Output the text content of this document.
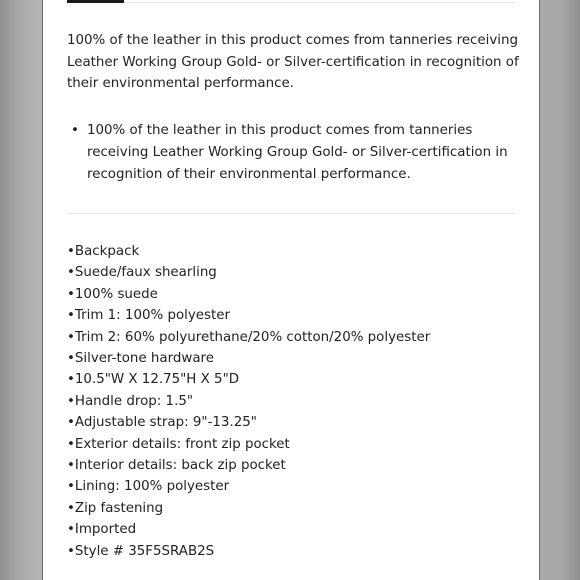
100% of the leather in this product comes from tanneries receiving Leather Working Group Gold- or Silver-certification in recognition of their environmental performance.

• 100% of the leather in this product comes from tanneries receiving Leather Working Group Gold- or Silver-certification in recognition of their environmental performance.
•Backpack
•Suede/faux shearling
•100% suede
•Trim 1: 100% polyester
•Trim 2: 60% polyurethane/20% cotton/20% polyester
•Silver-tone hardware
•10.5"W X 12.75"H X 5"D
•Handle drop: 1.5"
•Adjustable strap: 9"-13.25"
•Exterior details: front zip pocket
•Interior details: back zip pocket
•Lining: 100% polyester
•Zip fastening
•Imported
•Style # 35F5SRAB2S
